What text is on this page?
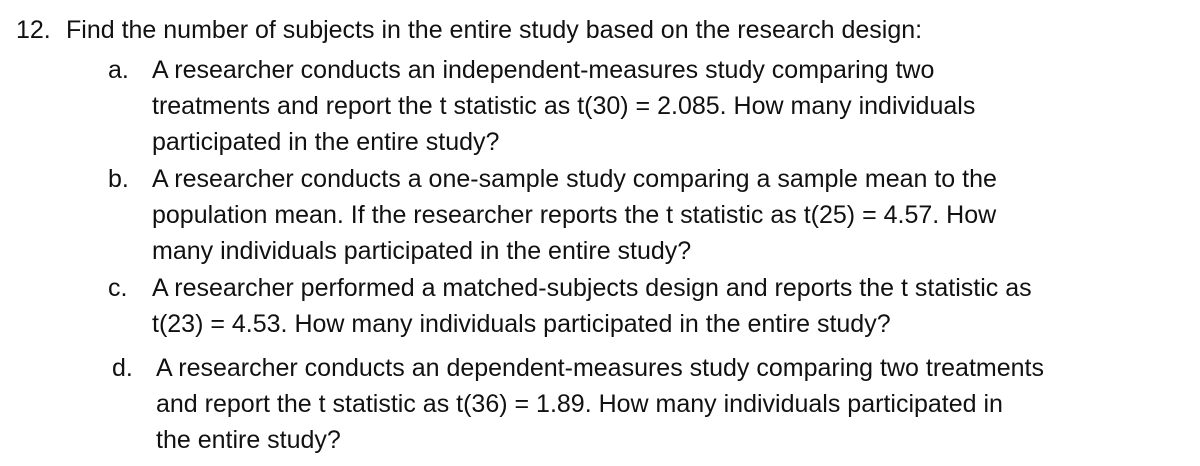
12. Find the number of subjects in the entire study based on the research design:
a. A researcher conducts an independent-measures study comparing two
treatments and report the t statistic as t(30) = 2.085. How many individuals
participated in the entire study?
b. A researcher conducts a one-sample study comparing a sample mean to the
population mean. If the researcher reports the t statistic as t(25) = 4.57. How
many individuals participated in the entire study?
c. A researcher performed a matched-subjects design and reports the t statistic as
t(23) = 4.53. How many individuals participated in the entire study?
d. A researcher conducts an dependent-measures study comparing two treatments
and report the t statistic as t(36) = 1.89. How many individuals participated in
the entire study?
